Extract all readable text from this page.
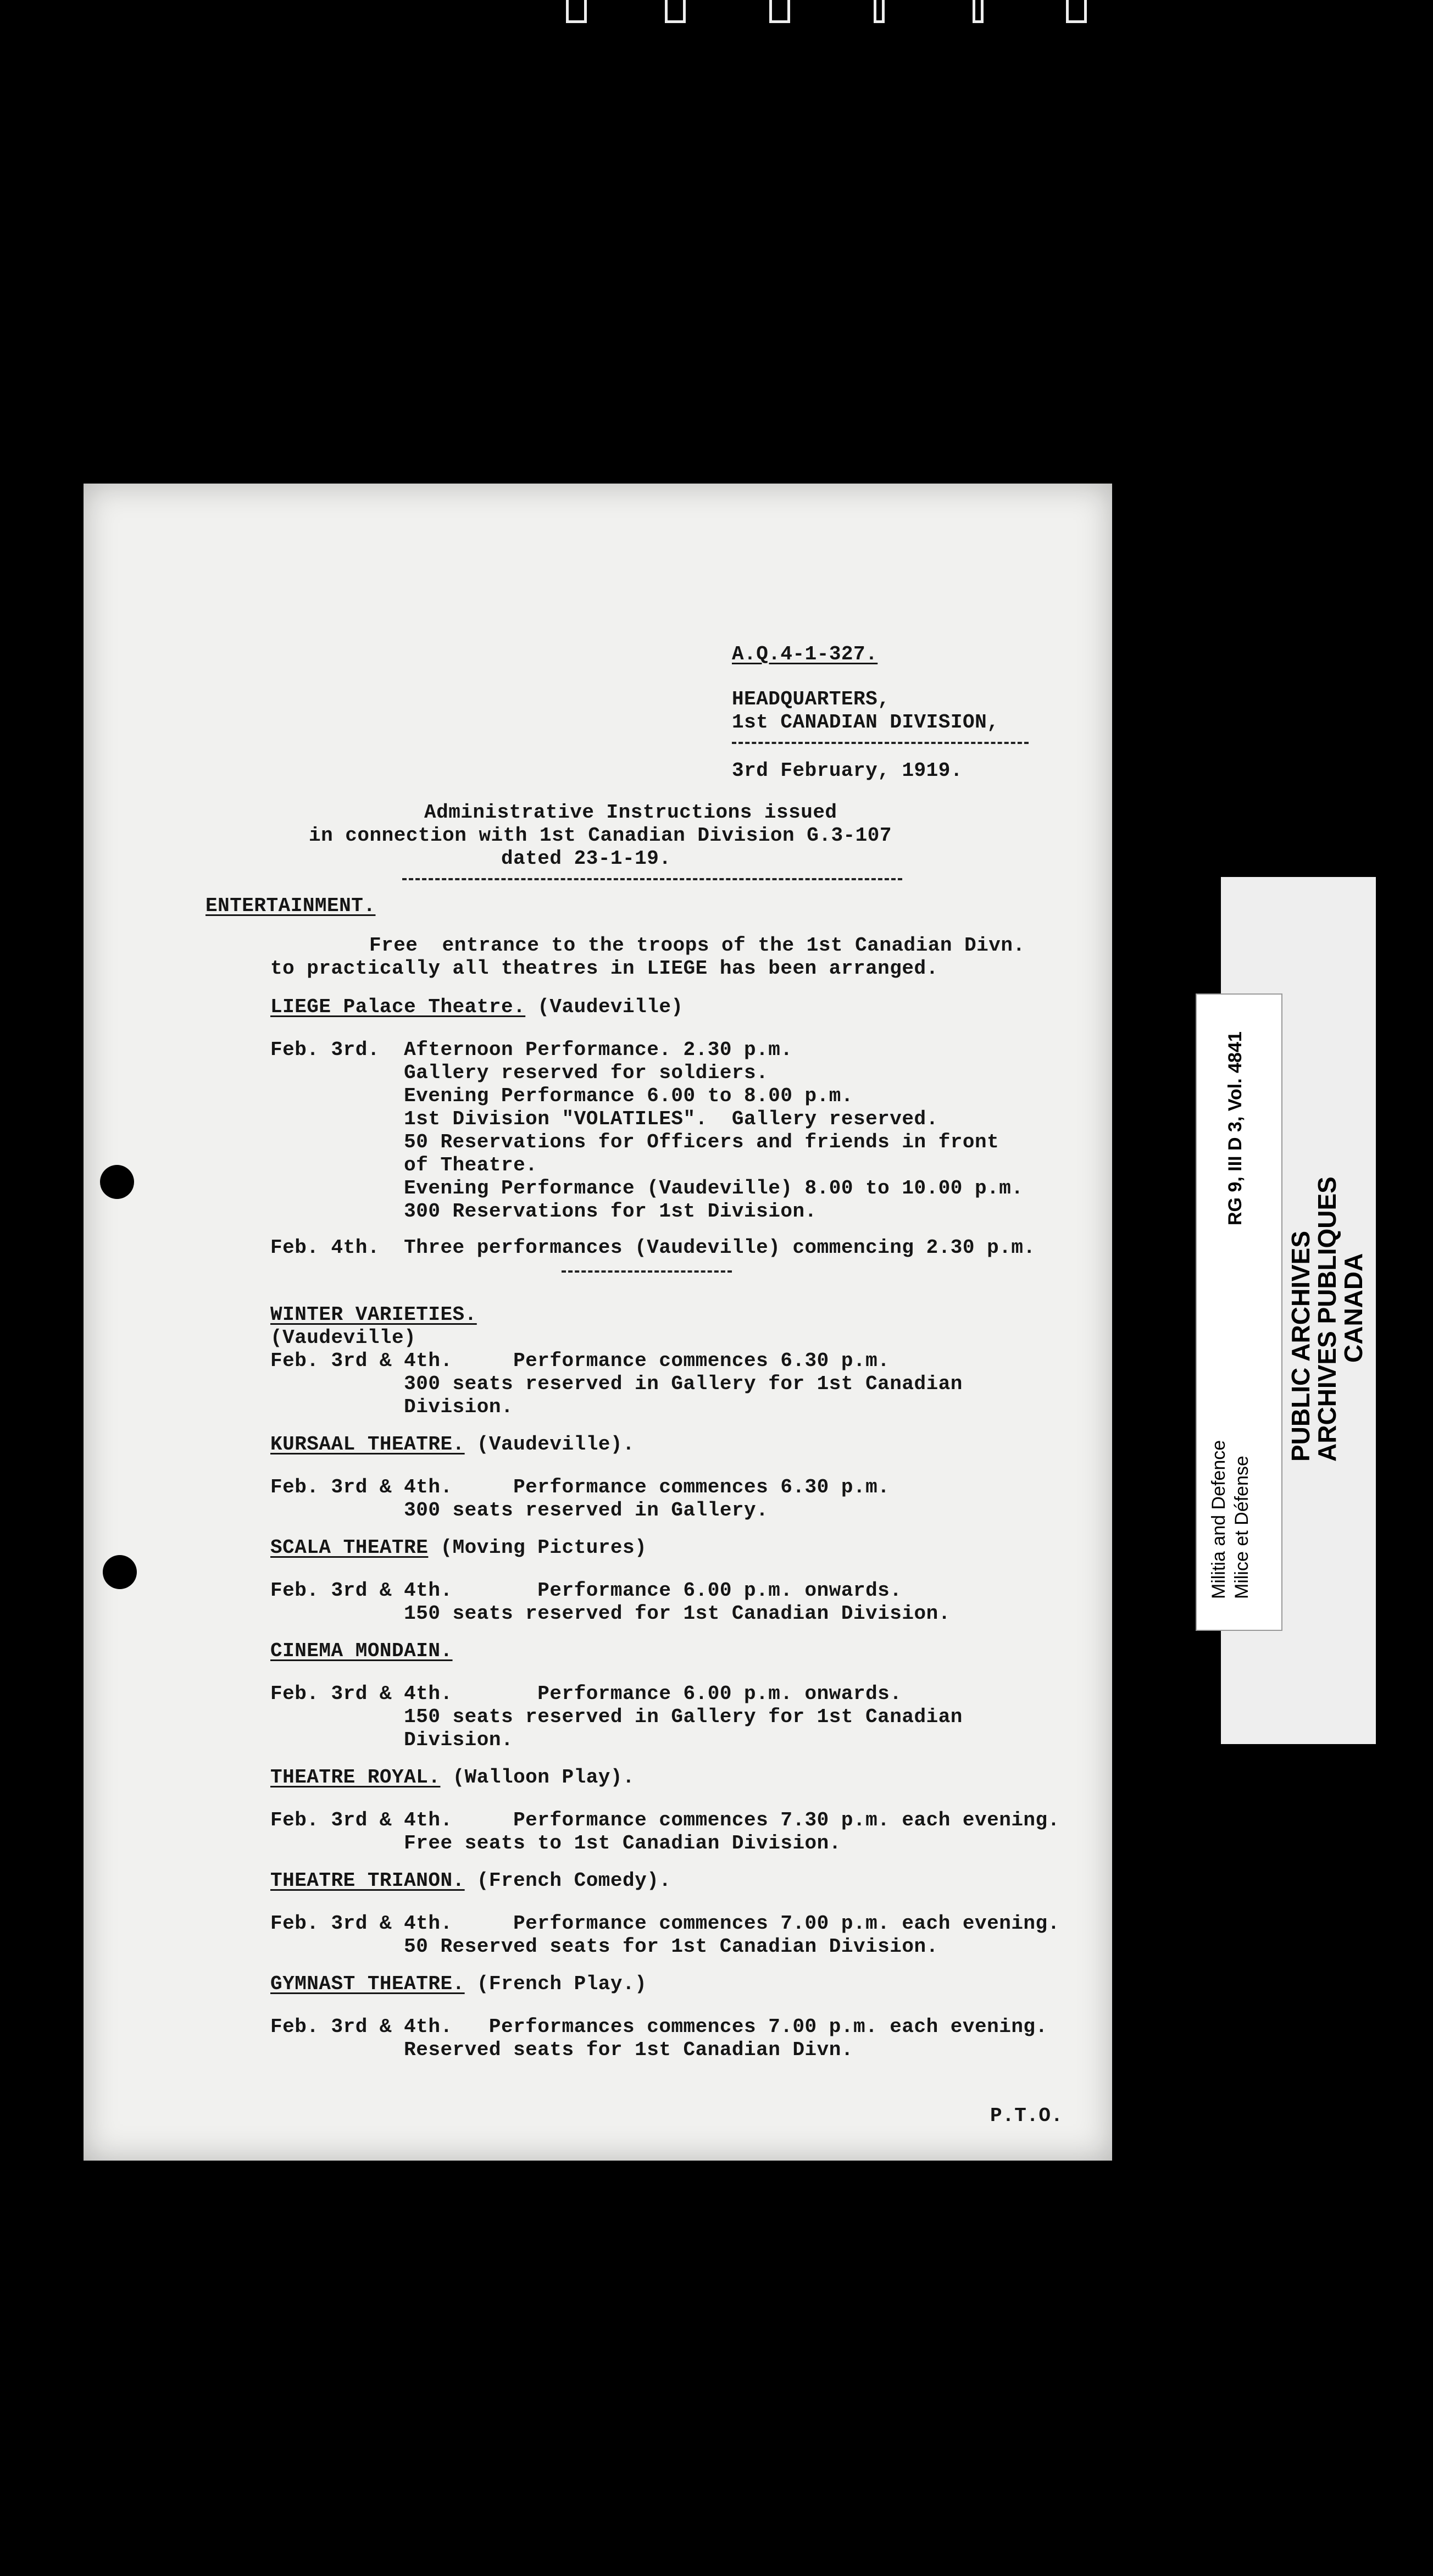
A.Q.4-1-327.
HEADQUARTERS,
1st CANADIAN DIVISION,
3rd February, 1919.
Administrative Instructions issued
in connection with 1st Canadian Division G.3-107
dated 23-1-19.
ENTERTAINMENT.
Free  entrance to the troops of the 1st Canadian Divn.
to practically all theatres in LIEGE has been arranged.
LIEGE Palace Theatre. (Vaudeville)
Feb. 3rd.  Afternoon Performance. 2.30 p.m.
Gallery reserved for soldiers.
Evening Performance 6.00 to 8.00 p.m.
1st Division "VOLATILES".  Gallery reserved.
50 Reservations for Officers and friends in front
of Theatre.
Evening Performance (Vaudeville) 8.00 to 10.00 p.m.
300 Reservations for 1st Division.
Feb. 4th.  Three performances (Vaudeville) commencing 2.30 p.m.
WINTER VARIETIES.
(Vaudeville)
Feb. 3rd & 4th.     Performance commences 6.30 p.m.
300 seats reserved in Gallery for 1st Canadian
Division.
KURSAAL THEATRE. (Vaudeville).
Feb. 3rd & 4th.     Performance commences 6.30 p.m.
300 seats reserved in Gallery.
SCALA THEATRE (Moving Pictures)
Feb. 3rd & 4th.       Performance 6.00 p.m. onwards.
150 seats reserved for 1st Canadian Division.
CINEMA MONDAIN.
Feb. 3rd & 4th.       Performance 6.00 p.m. onwards.
150 seats reserved in Gallery for 1st Canadian
Division.
THEATRE ROYAL. (Walloon Play).
Feb. 3rd & 4th.     Performance commences 7.30 p.m. each evening.
Free seats to 1st Canadian Division.
THEATRE TRIANON. (French Comedy).
Feb. 3rd & 4th.     Performance commences 7.00 p.m. each evening.
50 Reserved seats for 1st Canadian Division.
GYMNAST THEATRE. (French Play.)
Feb. 3rd & 4th.   Performances commences 7.00 p.m. each evening.
Reserved seats for 1st Canadian Divn.
P.T.O.
Militia and Defence Milice et Défense
RG 9, III D 3, Vol. 4841
PUBLIC ARCHIVES
ARCHIVES PUBLIQUES
CANADA
